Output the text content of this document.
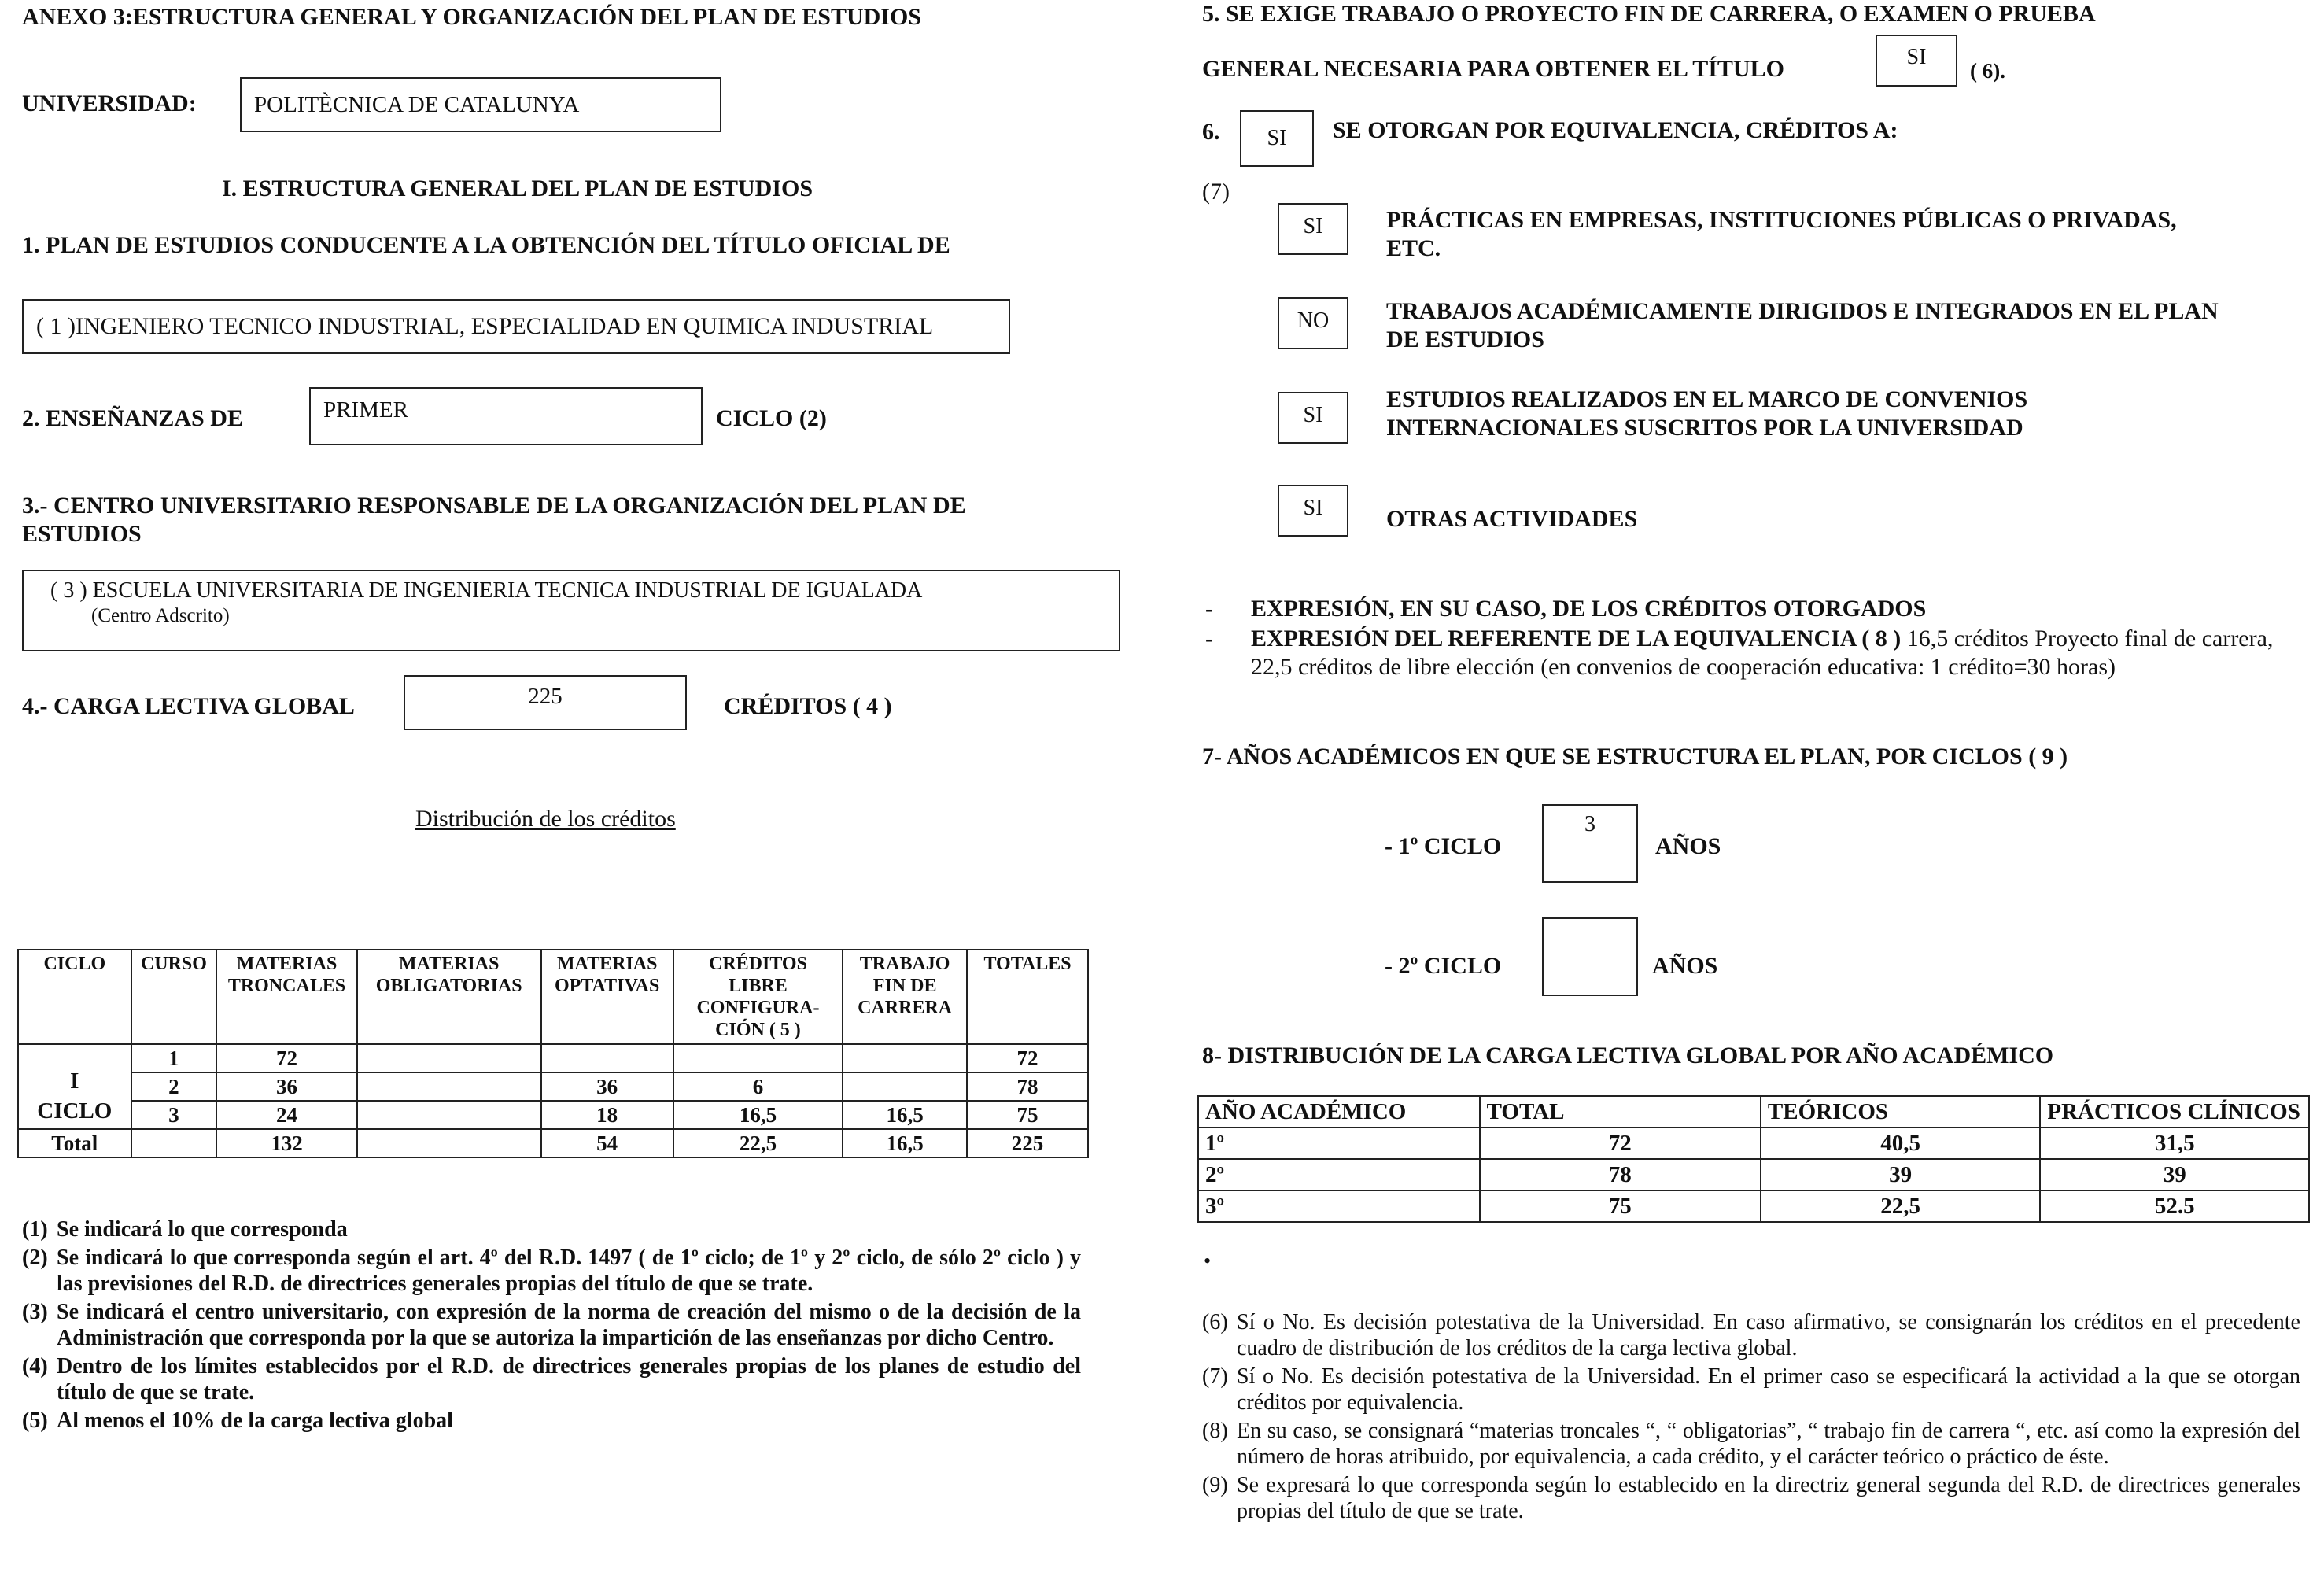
ANEXO 3:ESTRUCTURA GENERAL Y ORGANIZACIÓN DEL PLAN DE ESTUDIOS
UNIVERSIDAD:	POLITÈCNICA DE CATALUNYA
I. ESTRUCTURA GENERAL DEL PLAN DE ESTUDIOS
1. PLAN DE ESTUDIOS CONDUCENTE A LA OBTENCIÓN DEL TÍTULO OFICIAL DE
( 1 )INGENIERO TECNICO INDUSTRIAL, ESPECIALIDAD EN QUIMICA INDUSTRIAL
2. ENSEÑANZAS DE	PRIMER	CICLO (2)
3.- CENTRO UNIVERSITARIO RESPONSABLE DE LA ORGANIZACIÓN DEL PLAN DE
ESTUDIOS
( 3 ) ESCUELA UNIVERSITARIA DE INGENIERIA TECNICA INDUSTRIAL DE IGUALADA
(Centro Adscrito)
4.- CARGA LECTIVA GLOBAL	225	CRÉDITOS ( 4 )
Distribución de los créditos
CICLO	CURSO	MATERIAS TRONCALES	MATERIAS OBLIGATORIAS	MATERIAS OPTATIVAS	CRÉDITOS LIBRE CONFIGURA- CIÓN ( 5 )	TRABAJO FIN DE CARRERA	TOTALES

I
CICLO	1	72					72
	2	36		36	6		78
	3	24		18	16,5	16,5	75
Total		132		54	22,5	16,5	225
(1) Se indicará lo que corresponda
(2) Se indicará lo que corresponda según el art. 4º del R.D. 1497 ( de 1º ciclo; de 1º y 2º ciclo, de sólo 2º ciclo ) y las previsiones del R.D. de directrices generales propias del título de que se trate.
(3) Se indicará el centro universitario, con expresión de la norma de creación del mismo o de la decisión de la Administración que corresponda por la que se autoriza la impartición de las enseñanzas por dicho Centro.
(4) Dentro de los límites establecidos por el R.D. de directrices generales propias de los planes de estudio del título de que se trate.
(5) Al menos el 10% de la carga lectiva global
5. SE EXIGE TRABAJO O PROYECTO FIN DE CARRERA, O EXAMEN O PRUEBA
GENERAL NECESARIA PARA OBTENER EL TÍTULO	SI
( 6).
6.	SI	SE OTORGAN POR EQUIVALENCIA, CRÉDITOS A:
(7)
SI	PRÁCTICAS EN EMPRESAS, INSTITUCIONES PÚBLICAS O PRIVADAS,
ETC.
NO	TRABAJOS ACADÉMICAMENTE DIRIGIDOS E INTEGRADOS EN EL PLAN
DE ESTUDIOS
SI
ESTUDIOS REALIZADOS EN EL MARCO DE CONVENIOS
INTERNACIONALES SUSCRITOS POR LA UNIVERSIDAD
SI	OTRAS ACTIVIDADES
- EXPRESIÓN, EN SU CASO, DE LOS CRÉDITOS OTORGADOS
- EXPRESIÓN DEL REFERENTE DE LA EQUIVALENCIA ( 8 ) 16,5 créditos Proyecto final de carrera, 22,5 créditos de libre elección (en convenios de cooperación educativa: 1 crédito=30 horas)
7- AÑOS ACADÉMICOS EN QUE SE ESTRUCTURA EL PLAN, POR CICLOS ( 9 )
- 1º CICLO
3
AÑOS
- 2º CICLO	AÑOS
8- DISTRIBUCIÓN DE LA CARGA LECTIVA GLOBAL POR AÑO ACADÉMICO
AÑO ACADÉMICO	TOTAL	TEÓRICOS	PRÁCTICOS CLÍNICOS
1º	72	40,5	31,5
2º	78	39	39
3º	75	22,5	52.5
•
(6) Sí o No. Es decisión potestativa de la Universidad. En caso afirmativo, se consignarán los créditos en el precedente cuadro de distribución de los créditos de la carga lectiva global.
(7) Sí o No. Es decisión potestativa de la Universidad. En el primer caso se especificará la actividad a la que se otorgan créditos por equivalencia.
(8) En su caso, se consignará “materias troncales “, “ obligatorias”, “ trabajo fin de carrera “, etc. así como la expresión del número de horas atribuido, por equivalencia, a cada crédito, y el carácter teórico o práctico de éste.
(9) Se expresará lo que corresponda según lo establecido en la directriz general segunda del R.D. de directrices generales propias del título de que se trate.
